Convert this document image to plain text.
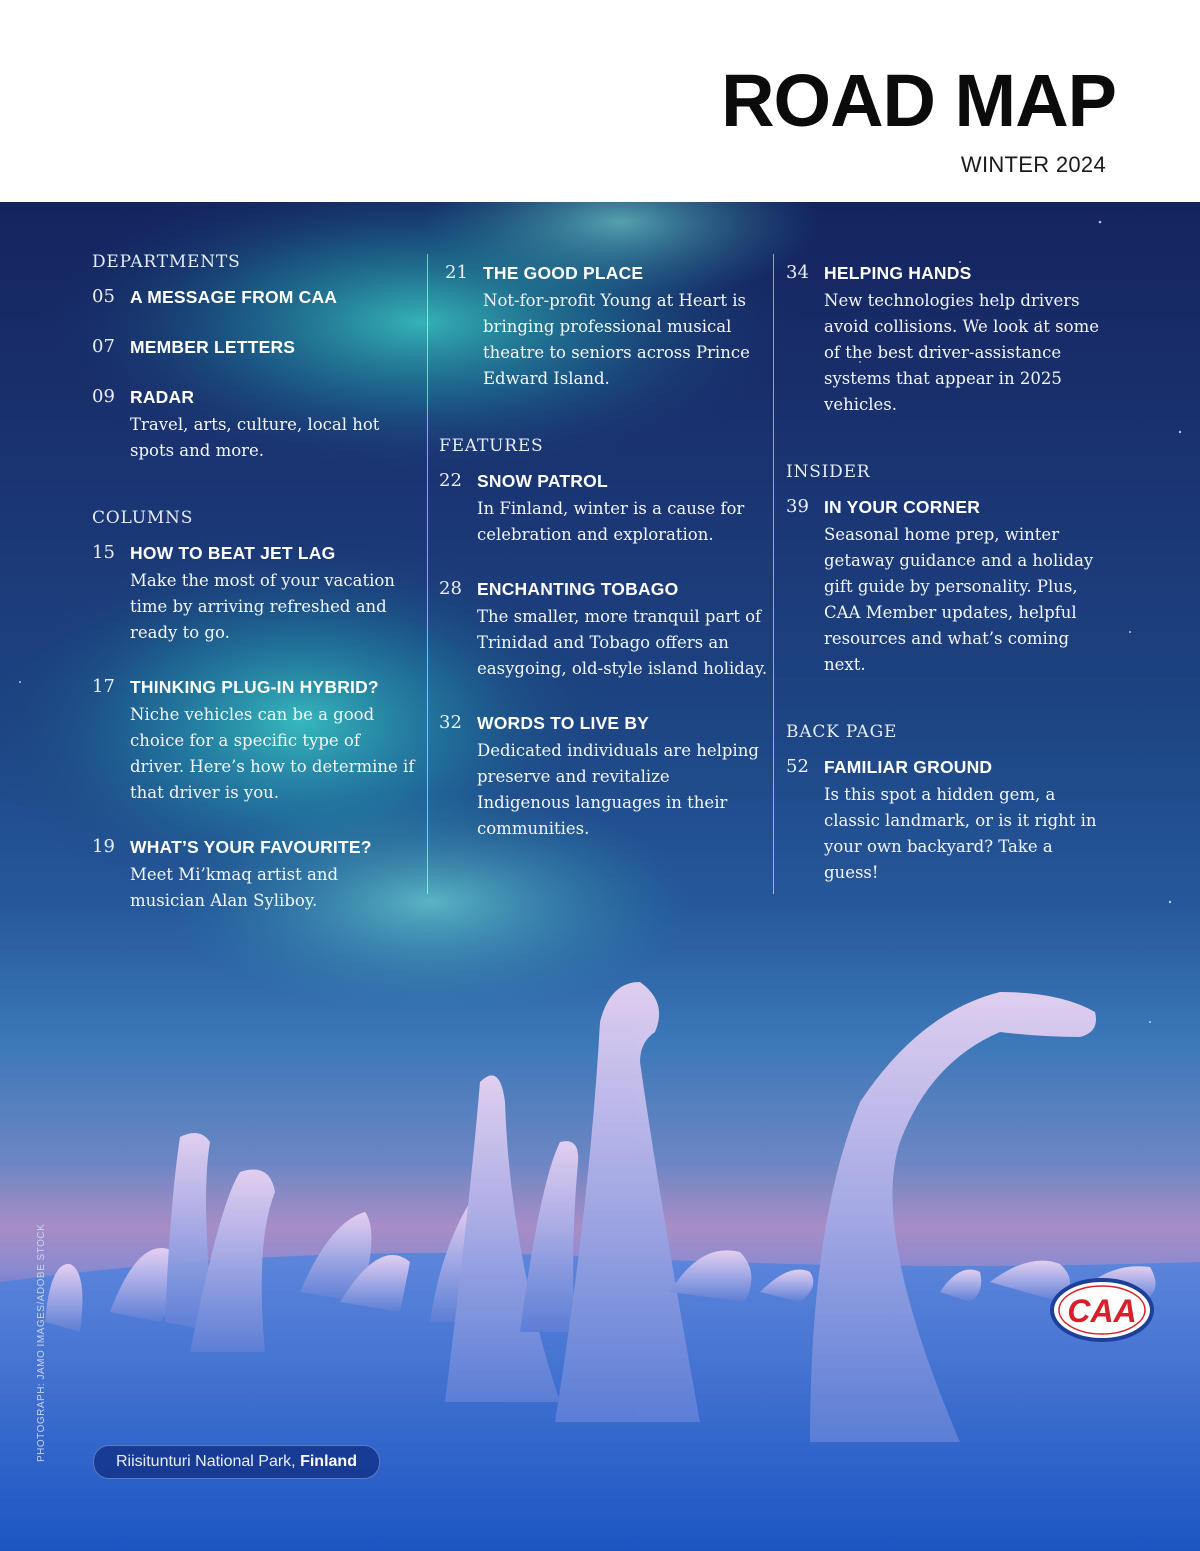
ROAD MAP
WINTER 2024
DEPARTMENTS
05 A MESSAGE FROM CAA
07 MEMBER LETTERS
09 RADAR
Travel, arts, culture, local hot spots and more.
COLUMNS
15 HOW TO BEAT JET LAG
Make the most of your vacation time by arriving refreshed and ready to go.
17 THINKING PLUG-IN HYBRID?
Niche vehicles can be a good choice for a specific type of driver. Here’s how to determine if that driver is you.
19 WHAT’S YOUR FAVOURITE?
Meet Mi’kmaq artist and musician Alan Syliboy.
21 THE GOOD PLACE
Not-for-profit Young at Heart is bringing professional musical theatre to seniors across Prince Edward Island.
FEATURES
22 SNOW PATROL
In Finland, winter is a cause for celebration and exploration.
28 ENCHANTING TOBAGO
The smaller, more tranquil part of Trinidad and Tobago offers an easygoing, old-style island holiday.
32 WORDS TO LIVE BY
Dedicated individuals are helping preserve and revitalize Indigenous languages in their communities.
34 HELPING HANDS
New technologies help drivers avoid collisions. We look at some of the best driver-assistance systems that appear in 2025 vehicles.
INSIDER
39 IN YOUR CORNER
Seasonal home prep, winter getaway guidance and a holiday gift guide by personality. Plus, CAA Member updates, helpful resources and what’s coming next.
BACK PAGE
52 FAMILIAR GROUND
Is this spot a hidden gem, a classic landmark, or is it right in your own backyard? Take a guess!
CAA
Riisitunturi National Park, Finland
PHOTOGRAPH: JAMO IMAGES/ADOBE STOCK
